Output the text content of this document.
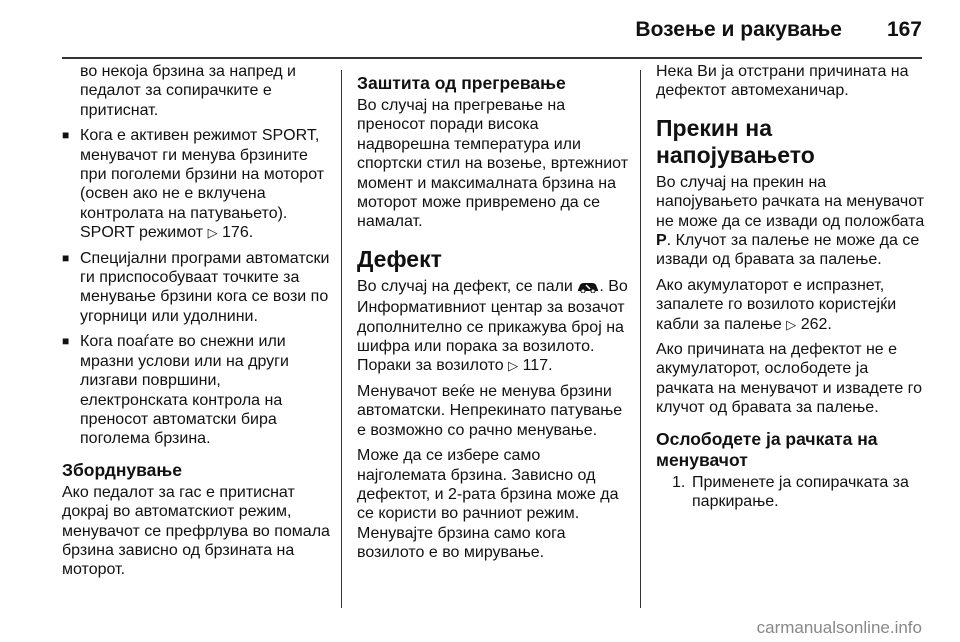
Возење и ракување 167

во некоја брзина за напред и педалот за сопирачките е притиснат.

■ Кога е активен режимот SPORT, менувачот ги менува брзините при поголеми брзини на моторот (освен ако не е вклучена контролата на патувањето). SPORT режимот ▷ 176.
■ Специјални програми автоматски ги приспособуваат точките за менување брзини кога се вози по угорници или удолнини.
■ Кога поаѓате во снежни или мразни услови или на други лизгави површини, електронската контрола на преносот автоматски бира поголема брзина.
Зборднување

Ако педалот за гас е притиснат докрај во автоматскиот режим, менувачот се префрлува во помала брзина зависно од брзината на моторот.

Заштита од прегревање

Во случај на прегревање на преносот поради висока надворешна температура или спортски стил на возење, вртежниот момент и максималната брзина на моторот може привремено да се намалат.

Дефект

Во случај на дефект, се пали . Во Информативниот центар за возачот дополнително се прикажува број на шифра или порака за возилото. Пораки за возилото ▷ 117.

Менувачот веќе не менува брзини автоматски. Непрекинато патување е возможно со рачно менување.

Може да се избере само најголемата брзина. Зависно од дефектот, и 2-рата брзина може да се користи во рачниот режим. Менувајте брзина само кога возилото е во мирување.

Нека Ви ја отстрани причината на дефектот автомеханичар.

Прекин на напојувањето

Во случај на прекин на напојувањето рачката на менувачот не може да се извади од положбата P. Клучот за палење не може да се извади од бравата за палење.

Ако акумулаторот е испразнет, запалете го возилото користејќи кабли за палење ▷ 262.

Ако причината на дефектот не е акумулаторот, ослободете ја рачката на менувачот и извадете го клучот од бравата за палење.

Ослободете ја рачката на менувачот

1. Применете ја сопирачката за паркирање.

carmanualsonline.info
